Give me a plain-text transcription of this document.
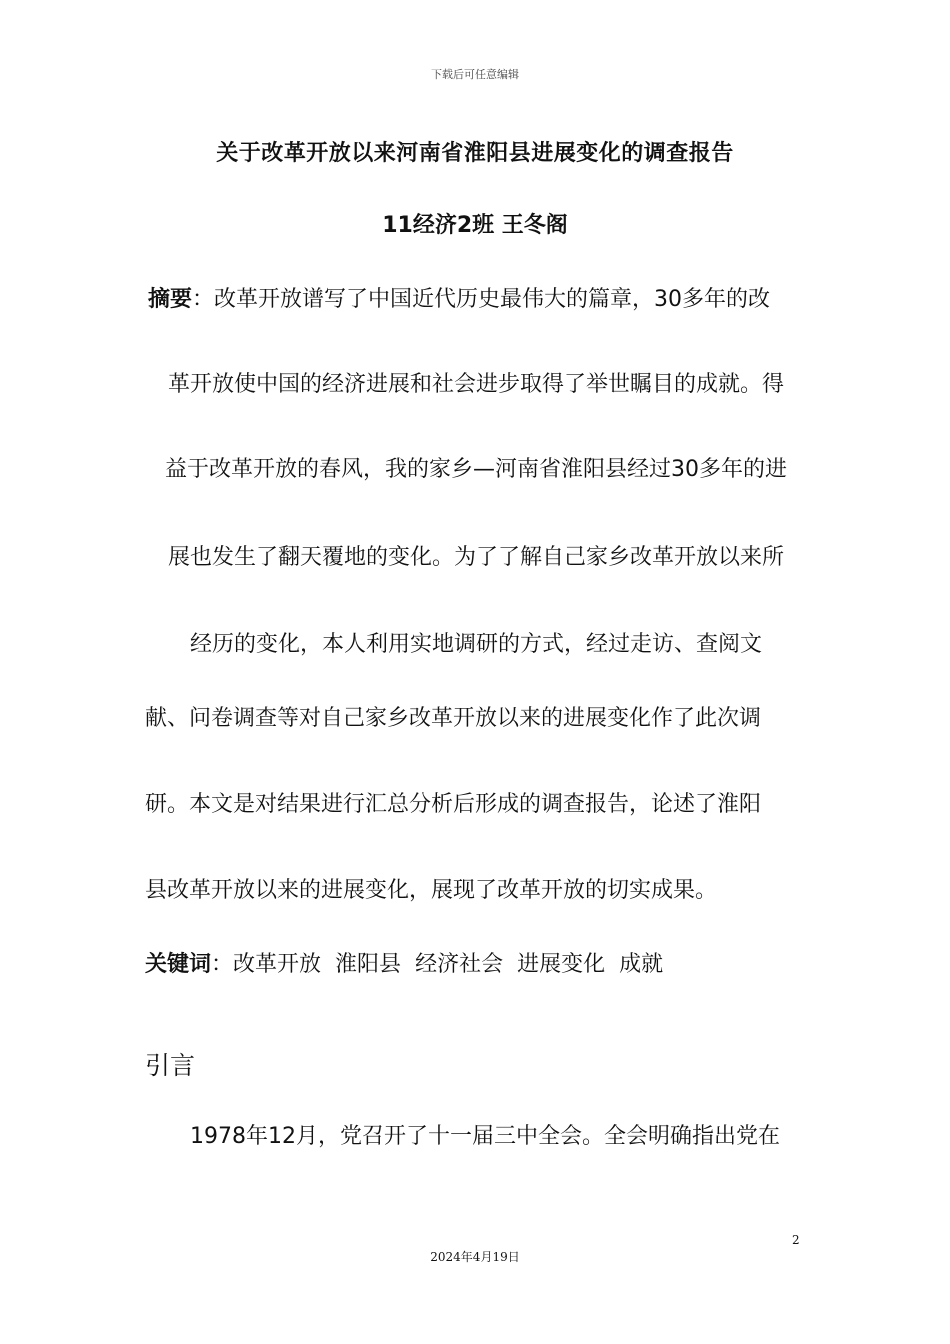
下载后可任意编辑
关于改革开放以来河南省淮阳县进展变化的调查报告
11经济2班 王冬阁
摘要：改革开放谱写了中国近代历史最伟大的篇章，30多年的改
革开放使中国的经济进展和社会进步取得了举世瞩目的成就。得
益于改革开放的春风，我的家乡—河南省淮阳县经过30多年的进
展也发生了翻天覆地的变化。为了了解自己家乡改革开放以来所
经历的变化，本人利用实地调研的方式，经过走访、查阅文
献、问卷调查等对自己家乡改革开放以来的进展变化作了此次调
研。本文是对结果进行汇总分析后形成的调查报告，论述了淮阳
县改革开放以来的进展变化，展现了改革开放的切实成果。
关键词：改革开放 淮阳县 经济社会 进展变化 成就
引言
1978年12月，党召开了十一届三中全会。全会明确指出党在
2
2024年4月19日
